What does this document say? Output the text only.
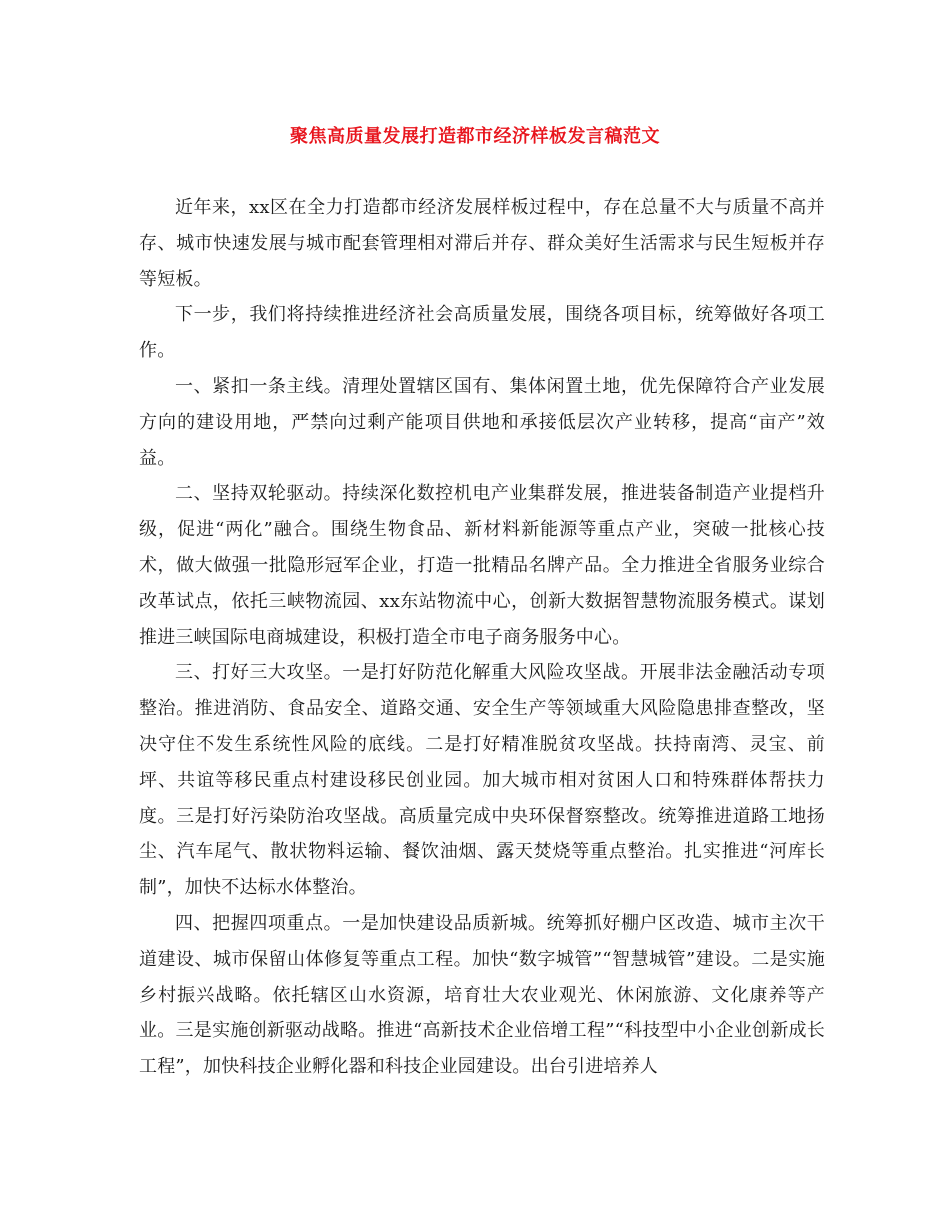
聚焦高质量发展打造都市经济样板发言稿范文

近年来，xx区在全力打造都市经济发展样板过程中，存在总量不大与质量不高并存、城市快速发展与城市配套管理相对滞后并存、群众美好生活需求与民生短板并存等短板。

下一步，我们将持续推进经济社会高质量发展，围绕各项目标，统筹做好各项工作。

一、紧扣一条主线。清理处置辖区国有、集体闲置土地，优先保障符合产业发展方向的建设用地，严禁向过剩产能项目供地和承接低层次产业转移，提高“亩产”效益。

二、坚持双轮驱动。持续深化数控机电产业集群发展，推进装备制造产业提档升级，促进“两化”融合。围绕生物食品、新材料新能源等重点产业，突破一批核心技术，做大做强一批隐形冠军企业，打造一批精品名牌产品。全力推进全省服务业综合改革试点，依托三峡物流园、xx东站物流中心，创新大数据智慧物流服务模式。谋划推进三峡国际电商城建设，积极打造全市电子商务服务中心。

三、打好三大攻坚。一是打好防范化解重大风险攻坚战。开展非法金融活动专项整治。推进消防、食品安全、道路交通、安全生产等领域重大风险隐患排查整改，坚决守住不发生系统性风险的底线。二是打好精准脱贫攻坚战。扶持南湾、灵宝、前坪、共谊等移民重点村建设移民创业园。加大城市相对贫困人口和特殊群体帮扶力度。三是打好污染防治攻坚战。高质量完成中央环保督察整改。统筹推进道路工地扬尘、汽车尾气、散状物料运输、餐饮油烟、露天焚烧等重点整治。扎实推进“河库长制”，加快不达标水体整治。

四、把握四项重点。一是加快建设品质新城。统筹抓好棚户区改造、城市主次干道建设、城市保留山体修复等重点工程。加快“数字城管”“智慧城管”建设。二是实施乡村振兴战略。依托辖区山水资源，培育壮大农业观光、休闲旅游、文化康养等产业。三是实施创新驱动战略。推进“高新技术企业倍增工程”“科技型中小企业创新成长工程”，加快科技企业孵化器和科技企业园建设。出台引进培养人
